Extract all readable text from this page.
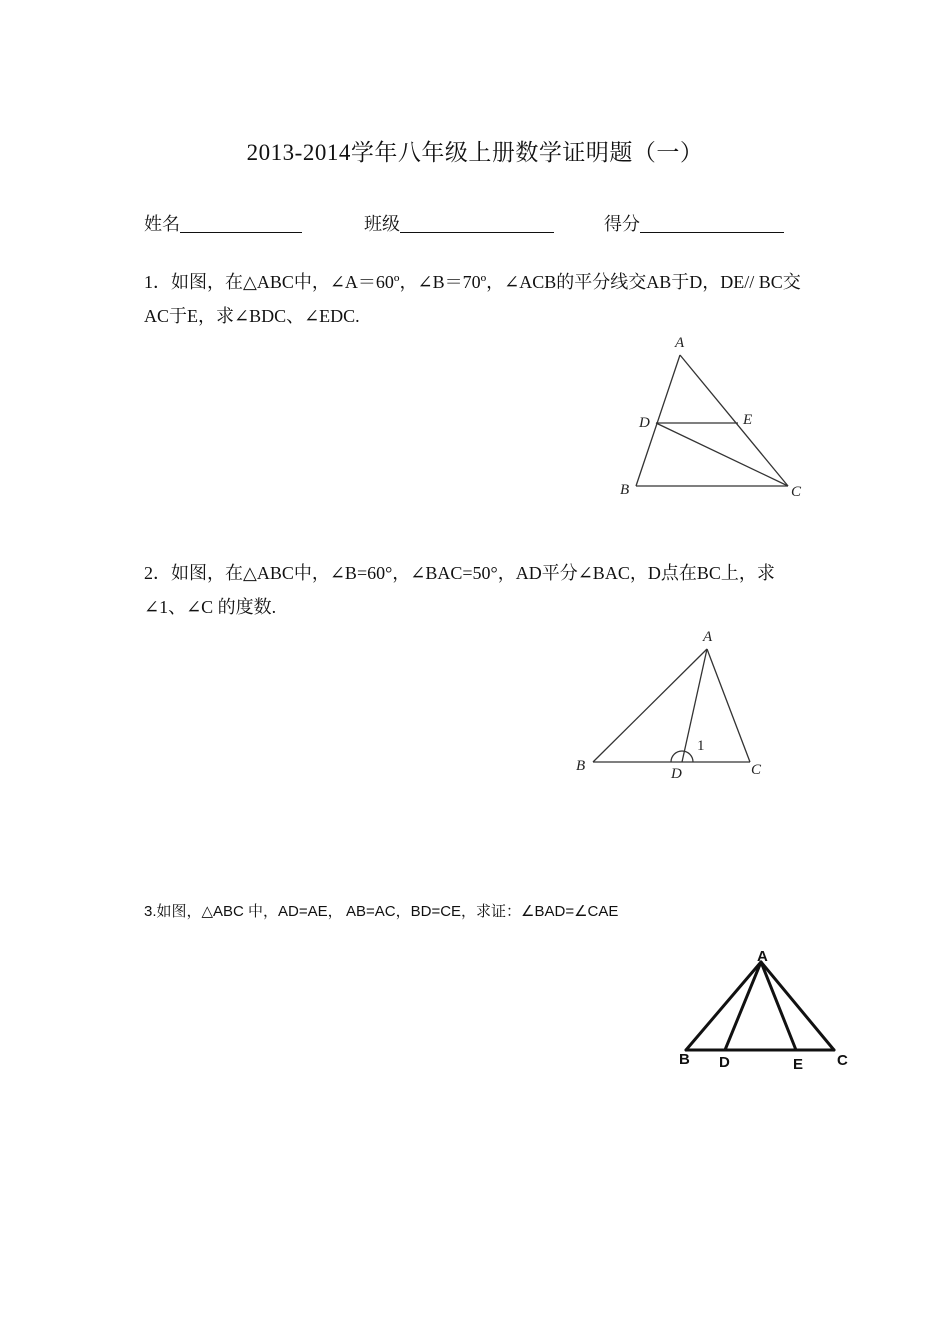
2013-2014学年八年级上册数学证明题（一）
姓名	班级	得分
1．如图，在△ABC中，∠A＝60º，∠B＝70º，∠ACB的平分线交AB于D，DE// BC交
AC于E，求∠BDC、∠EDC.
A
D	E
B	C
2．如图，在△ABC中，∠B=60°，∠BAC=50°，AD平分∠BAC，D点在BC上，求
∠1、∠C 的度数.
A
B	D	C
1
3.如图，△ABC 中，AD=AE， AB=AC，BD=CE，求证：∠BAD=∠CAE
A
B D	E C
